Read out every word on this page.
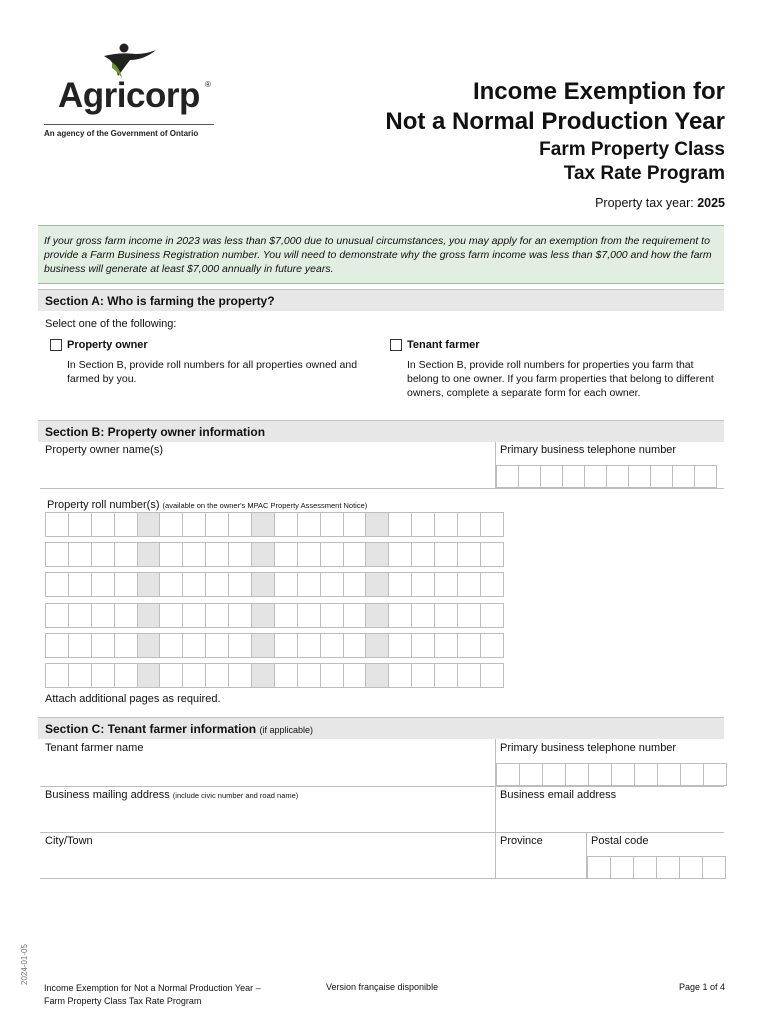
Agricorp ®
An agency of the Government of Ontario
Income Exemption for
Not a Normal Production Year
Farm Property Class
Tax Rate Program
Property tax year: 2025
If your gross farm income in 2023 was less than $7,000 due to unusual circumstances, you may apply for an exemption from the requirement to provide a Farm Business Registration number. You will need to demonstrate why the gross farm income was less than $7,000 and how the farm business will generate at least $7,000 annually in future years.
Section A: Who is farming the property?
Select one of the following:
Property owner
In Section B, provide roll numbers for all properties owned and farmed by you.
Tenant farmer
In Section B, provide roll numbers for properties you farm that belong to one owner. If you farm properties that belong to different owners, complete a separate form for each owner.
Section B: Property owner information
Property owner name(s)	Primary business telephone number
Property roll number(s) (available on the owner's MPAC Property Assessment Notice)
Attach additional pages as required.
Section C: Tenant farmer information (if applicable)
Tenant farmer name	Primary business telephone number
Business mailing address (include civic number and road name)	Business email address
City/Town	Province	Postal code
2024-01-05
Income Exemption for Not a Normal Production Year –
Farm Property Class Tax Rate Program
Version française disponible	Page 1 of 4
